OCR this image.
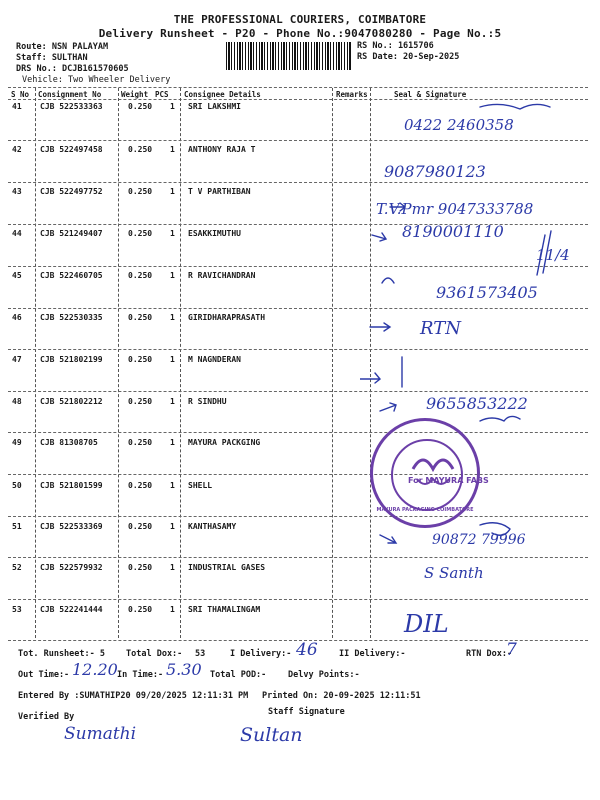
THE PROFESSIONAL COURIERS, COIMBATORE
Delivery Runsheet - P20 - Phone No.:9047080280 - Page No.:5
Route: NSN PALAYAM
Staff: SULTHAN
DRS No.: DCJB161570605
Vehicle: Two Wheeler Delivery
RS No.: 1615706
RS Date: 20-Sep-2025
S No Consignment No	Weight PCS Consignee Details	Remarks	Seal & Signature
41 CJB 522533363	0.250 1 SRI LAKSHMI
42 CJB 522497458	0.250 1 ANTHONY RAJA T
43 CJB 522497752	0.250 1 T V PARTHIBAN
44 CJB 521249407	0.250 1 ESAKKIMUTHU
45 CJB 522460705	0.250 1 R RAVICHANDRAN
46 CJB 522530335	0.250 1 GIRIDHARAPRASATH
47 CJB 521802199	0.250 1 M NAGNDERAN
48 CJB 521802212	0.250 1 R SINDHU
49 CJB 81308705	0.250 1 MAYURA PACKGING
50 CJB 521801599	0.250 1 SHELL
51 CJB 522533369	0.250 1 KANTHASAMY
52 CJB 522579932	0.250 1 INDUSTRIAL GASES
53 CJB 522241444	0.250 1 SRI THAMALINGAM
0422 2460358
9087980123
T.V.Pmr 9047333788
8190001110
11/4
9361573405
RTN
9655853222
90872 79996
S Santh
DIL
MAYURA PACKAGING COIMBATORE
For MAYURA FABS
Tot. Runsheet:- 5 Total Dox:- 53	I Delivery:- 46	II Delivery:-	RTN Dox:-
7
Out Time:- 12.20 In Time:- 5.30 Total POD:-	Delvy Points:-
Entered By :SUMATHIP20 09/20/2025 12:11:31 PM Printed On: 20-09-2025 12:11:51
Verified By	Staff Signature
Sumathi	Sultan
